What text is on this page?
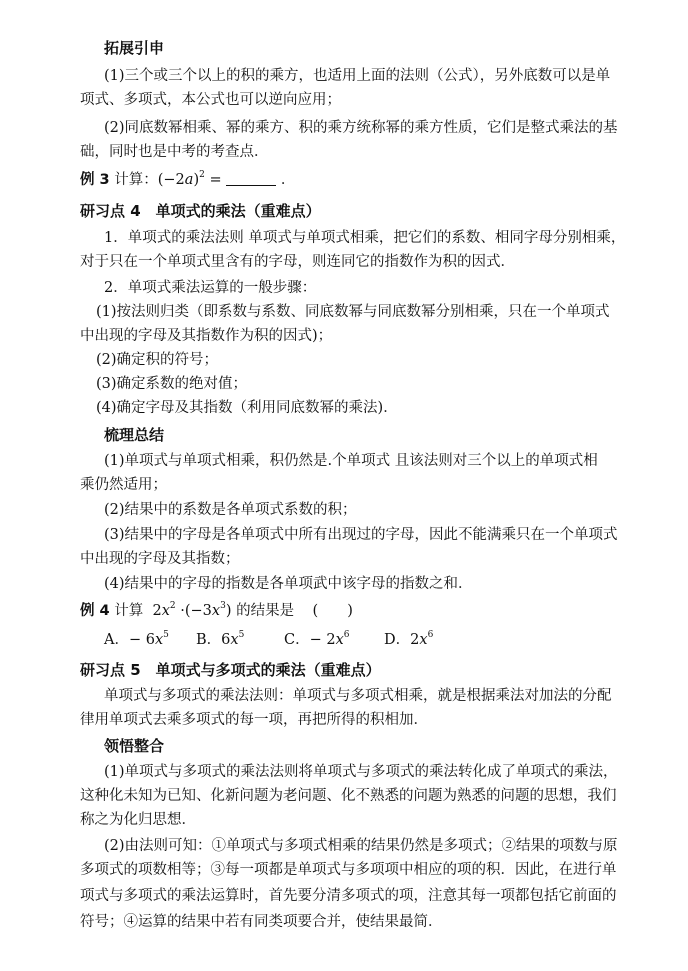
拓展引申
(1)三个或三个以上的积的乘方，也适用上面的法则（公式），另外底数可以是单
项式、多项式，本公式也可以逆向应用；
(2)同底数幂相乘、幂的乘方、积的乘方统称幂的乘方性质，它们是整式乘法的基
础，同时也是中考的考查点．
例 3 计算：$(-2a)^2$ =	．
研习点 4　单项式的乘法（重难点）
1．单项式的乘法法则 单项式与单项式相乘，把它们的系数、相同字母分别相乘，
对于只在一个单项式里含有的字母，则连同它的指数作为积的因式．
2．单项式乘法运算的一般步骤：
(1)按法则归类（即系数与系数、同底数幂与同底数幂分别相乘，只在一个单项式
中出现的字母及其指数作为积的因式)；
(2)确定积的符号；
(3)确定系数的绝对值；
(4)确定字母及其指数（利用同底数幂的乘法)．
梳理总结
(1)单项式与单项式相乘，积仍然是.个单项式 且该法则对三个以上的单项式相
乘仍然适用；
(2)结果中的系数是各单项式系数的积；
(3)结果中的字母是各单项式中所有出现过的字母，因此不能满乘只在一个单项式
中出现的字母及其指数；
(4)结果中的字母的指数是各单项武中该字母的指数之和．
例 4 计算 $2x^2 \cdot(-3x^3)$ 的结果是 (　　)
A．− $6x^5$ B．$6x^5$	C．− $2x^6$ D．$2x^6$
研习点 5　单项式与多项式的乘法（重难点）
单项式与多项式的乘法法则：单项式与多项式相乘，就是根据乘法对加法的分配
律用单项式去乘多项式的每一项，再把所得的积相加．
领悟整合
(1)单项式与多项式的乘法法则将单项式与多项式的乘法转化成了单项式的乘法，
这种化未知为已知、化新问题为老问题、化不熟悉的问题为熟悉的问题的思想，我们
称之为化归思想．
(2)由法则可知：①单项式与多项式相乘的结果仍然是多项式；②结果的项数与原
多项式的项数相等；③每一项都是单项式与多项项中相应的项的积．因此，在进行单
项式与多项式的乘法运算时，首先要分清多项式的项，注意其每一项都包括它前面的
符号；④运算的结果中若有同类项要合并，使结果最简．
